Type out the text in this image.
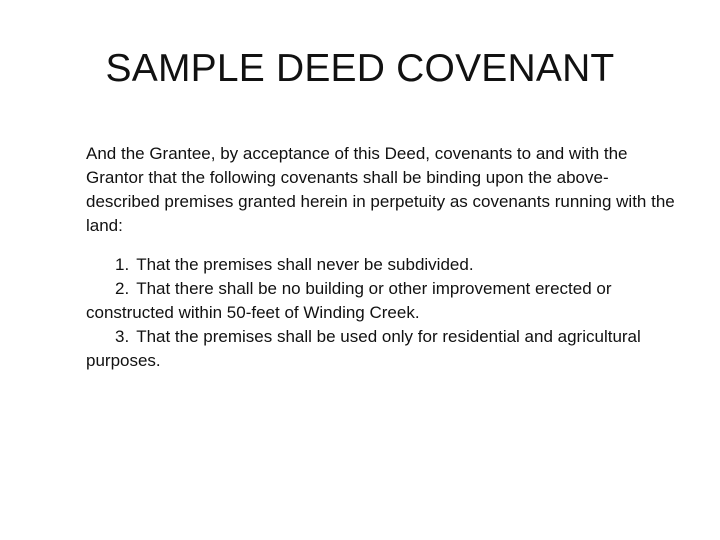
SAMPLE DEED COVENANT

And the Grantee, by acceptance of this Deed, covenants to and with the Grantor that the following covenants shall be binding upon the above-described premises granted herein in perpetuity as covenants running with the land:

1. That the premises shall never be subdivided.
2. That there shall be no building or other improvement erected or constructed within 50-feet of Winding Creek.
3. That the premises shall be used only for residential and agricultural purposes.
